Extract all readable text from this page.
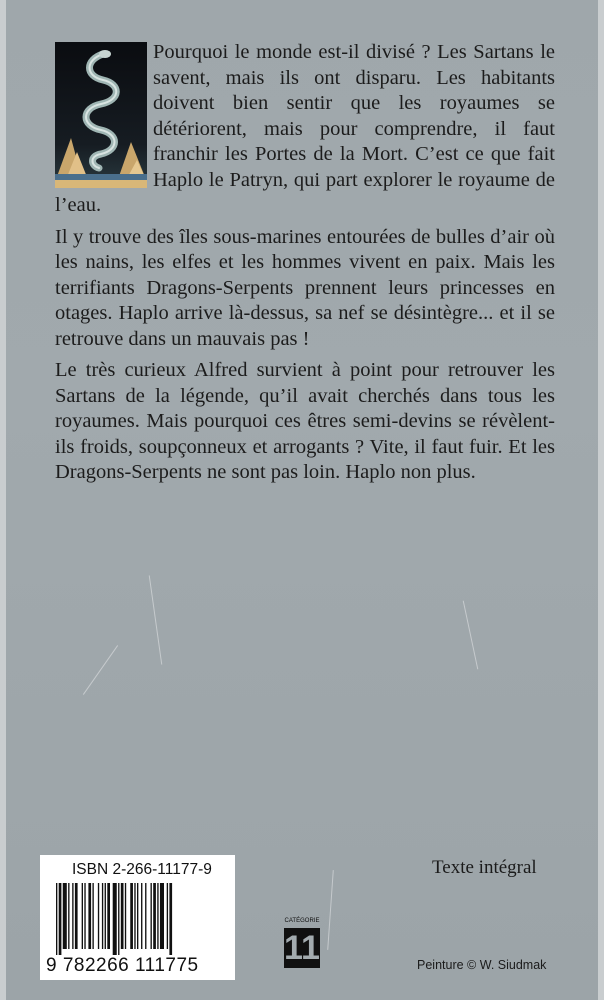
Pourquoi le monde est-il divisé ? Les Sartans le savent, mais ils ont disparu. Les habitants doivent bien sentir que les royaumes se détériorent, mais pour comprendre, il faut franchir les Portes de la Mort. C’est ce que fait Haplo le Patryn, qui part explorer le royaume de l’eau.

Il y trouve des îles sous-marines entourées de bulles d’air où les nains, les elfes et les hommes vivent en paix. Mais les terrifiants Dragons-Serpents prennent leurs princesses en otages. Haplo arrive là-dessus, sa nef se désintègre... et il se retrouve dans un mauvais pas !

Le très curieux Alfred survient à point pour retrouver les Sartans de la légende, qu’il avait cherchés dans tous les royaumes. Mais pourquoi ces êtres semi-devins se révèlent-ils froids, soupçonneux et arrogants ? Vite, il faut fuir. Et les Dragons-Serpents ne sont pas loin. Haplo non plus.

ISBN 2-266-11177-9
9 782266 111775
Texte intégral
CATÉGORIE
11	Peinture © W. Siudmak
